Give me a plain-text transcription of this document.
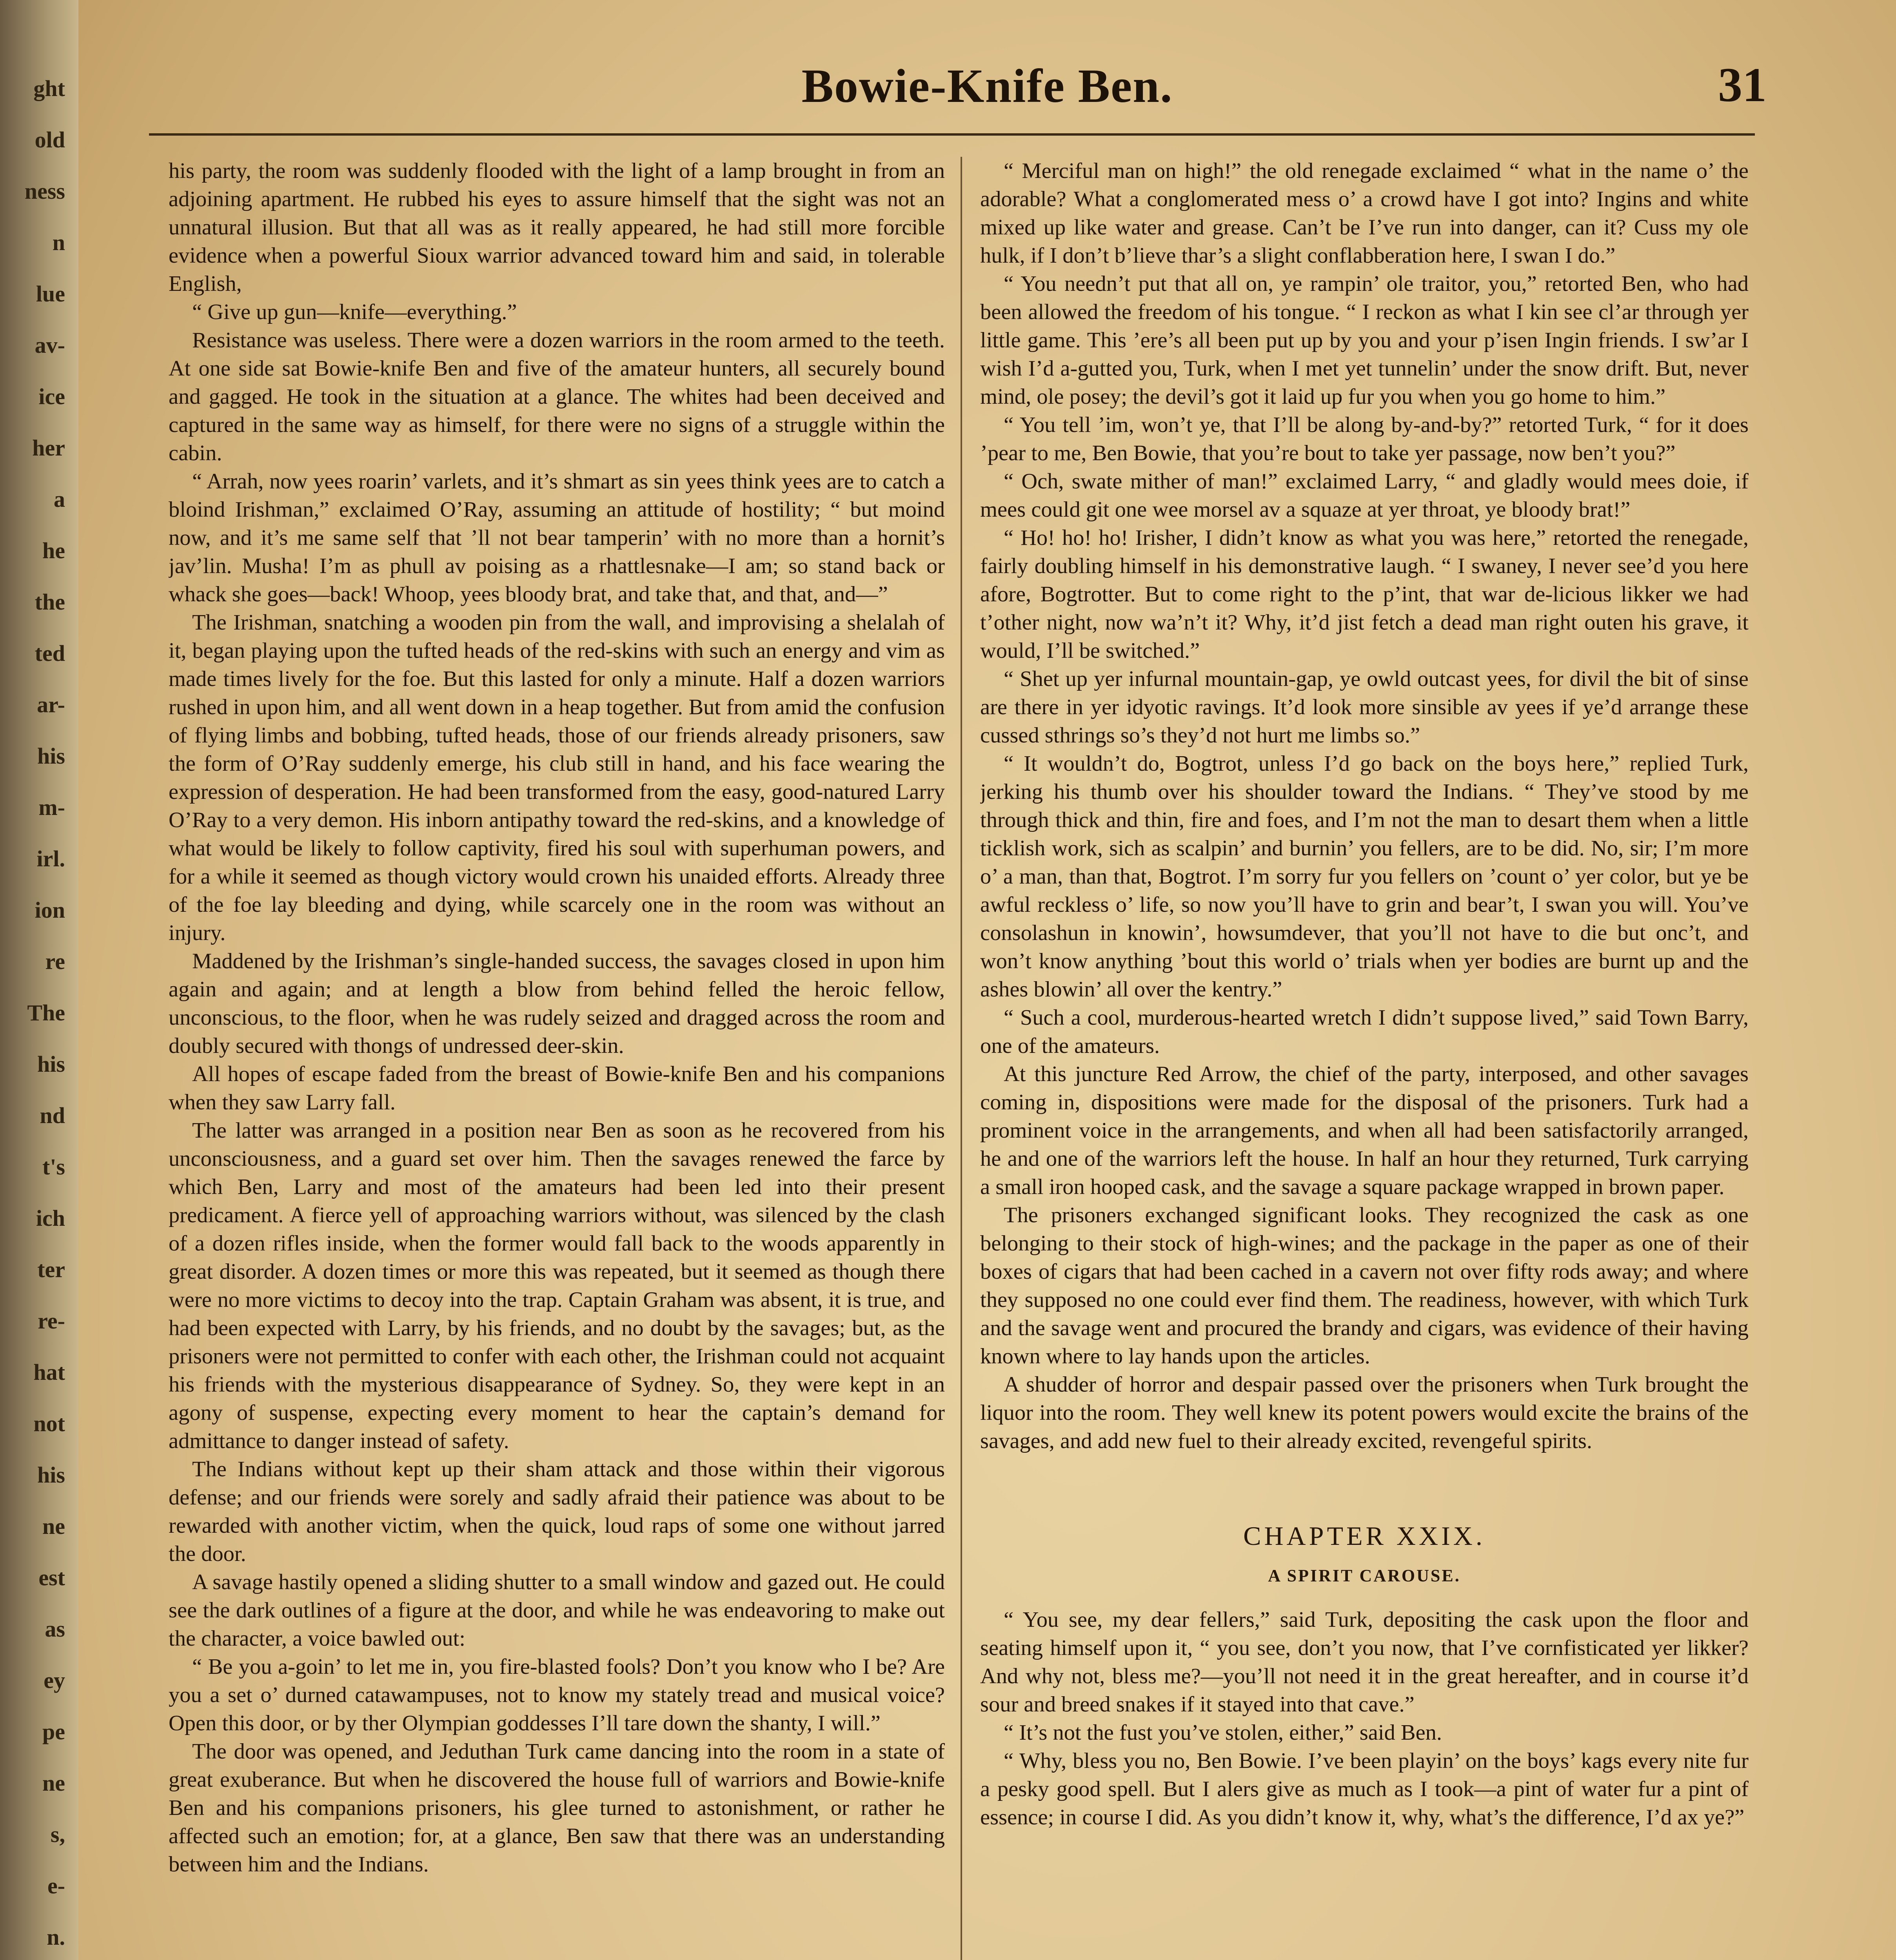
ght
old
ness
n
lue
av-
ice
her
a
he
the
ted
ar-
his
m-
irl.
ion
re
The
his
nd
t's
ich
ter
re-
hat
not
his
ne
est
as
ey
pe
ne
s,
e-
n.
Bowie-Knife Ben.	31

his party, the room was suddenly flooded with the light of a lamp brought in from an adjoining apartment. He rubbed his eyes to assure himself that the sight was not an unnatural illusion. But that all was as it really appeared, he had still more forcible evidence when a powerful Sioux warrior advanced toward him and said, in tolerable English,

“ Give up gun—knife—everything.”

Resistance was useless. There were a dozen warriors in the room armed to the teeth. At one side sat Bowie-knife Ben and five of the amateur hunters, all securely bound and gagged. He took in the situation at a glance. The whites had been deceived and captured in the same way as himself, for there were no signs of a struggle within the cabin.

“ Arrah, now yees roarin’ varlets, and it’s shmart as sin yees think yees are to catch a bloind Irishman,” exclaimed O’Ray, assuming an attitude of hostility; “ but moind now, and it’s me same self that ’ll not bear tamperin’ with no more than a hornit’s jav’lin. Musha! I’m as phull av poising as a rhattlesnake—I am; so stand back or whack she goes—back! Whoop, yees bloody brat, and take that, and that, and—”

The Irishman, snatching a wooden pin from the wall, and improvising a shelalah of it, began playing upon the tufted heads of the red-skins with such an energy and vim as made times lively for the foe. But this lasted for only a minute. Half a dozen warriors rushed in upon him, and all went down in a heap together. But from amid the confusion of flying limbs and bobbing, tufted heads, those of our friends already prisoners, saw the form of O’Ray suddenly emerge, his club still in hand, and his face wearing the expression of desperation. He had been transformed from the easy, good-natured Larry O’Ray to a very demon. His inborn antipathy toward the red-skins, and a knowledge of what would be likely to follow captivity, fired his soul with superhuman powers, and for a while it seemed as though victory would crown his unaided efforts. Already three of the foe lay bleeding and dying, while scarcely one in the room was without an injury.

Maddened by the Irishman’s single-handed success, the savages closed in upon him again and again; and at length a blow from behind felled the heroic fellow, unconscious, to the floor, when he was rudely seized and dragged across the room and doubly secured with thongs of undressed deer-skin.

All hopes of escape faded from the breast of Bowie-knife Ben and his companions when they saw Larry fall.

The latter was arranged in a position near Ben as soon as he recovered from his unconsciousness, and a guard set over him. Then the savages renewed the farce by which Ben, Larry and most of the amateurs had been led into their present predicament. A fierce yell of approaching warriors without, was silenced by the clash of a dozen rifles inside, when the former would fall back to the woods apparently in great disorder. A dozen times or more this was repeated, but it seemed as though there were no more victims to decoy into the trap. Captain Graham was absent, it is true, and had been expected with Larry, by his friends, and no doubt by the savages; but, as the prisoners were not permitted to confer with each other, the Irishman could not acquaint his friends with the mysterious disappearance of Sydney. So, they were kept in an agony of suspense, expecting every moment to hear the captain’s demand for admittance to danger instead of safety.

The Indians without kept up their sham attack and those within their vigorous defense; and our friends were sorely and sadly afraid their patience was about to be rewarded with another victim, when the quick, loud raps of some one without jarred the door.

A savage hastily opened a sliding shutter to a small window and gazed out. He could see the dark outlines of a figure at the door, and while he was endeavoring to make out the character, a voice bawled out:

“ Be you a-goin’ to let me in, you fire-blasted fools? Don’t you know who I be? Are you a set o’ durned catawampuses, not to know my stately tread and musical voice? Open this door, or by ther Olympian goddesses I’ll tare down the shanty, I will.”

The door was opened, and Jeduthan Turk came dancing into the room in a state of great exuberance. But when he discovered the house full of warriors and Bowie-knife Ben and his companions prisoners, his glee turned to astonishment, or rather he affected such an emotion; for, at a glance, Ben saw that there was an understanding between him and the Indians.

“ Merciful man on high!” the old renegade exclaimed “ what in the name o’ the adorable? What a conglomerated mess o’ a crowd have I got into? Ingins and white mixed up like water and grease. Can’t be I’ve run into danger, can it? Cuss my ole hulk, if I don’t b’lieve thar’s a slight conflabberation here, I swan I do.”

“ You needn’t put that all on, ye rampin’ ole traitor, you,” retorted Ben, who had been allowed the freedom of his tongue. “ I reckon as what I kin see cl’ar through yer little game. This ’ere’s all been put up by you and your p’isen Ingin friends. I sw’ar I wish I’d a-gutted you, Turk, when I met yet tunnelin’ under the snow drift. But, never mind, ole posey; the devil’s got it laid up fur you when you go home to him.”

“ You tell ’im, won’t ye, that I’ll be along by-and-by?” retorted Turk, “ for it does ’pear to me, Ben Bowie, that you’re bout to take yer passage, now ben’t you?”

“ Och, swate mither of man!” exclaimed Larry, “ and gladly would mees doie, if mees could git one wee morsel av a squaze at yer throat, ye bloody brat!”

“ Ho! ho! ho! Irisher, I didn’t know as what you was here,” retorted the renegade, fairly doubling himself in his demonstrative laugh. “ I swaney, I never see’d you here afore, Bogtrotter. But to come right to the p’int, that war de-licious likker we had t’other night, now wa’n’t it? Why, it’d jist fetch a dead man right outen his grave, it would, I’ll be switched.”

“ Shet up yer infurnal mountain-gap, ye owld outcast yees, for divil the bit of sinse are there in yer idyotic ravings. It’d look more sinsible av yees if ye’d arrange these cussed sthrings so’s they’d not hurt me limbs so.”

“ It wouldn’t do, Bogtrot, unless I’d go back on the boys here,” replied Turk, jerking his thumb over his shoulder toward the Indians. “ They’ve stood by me through thick and thin, fire and foes, and I’m not the man to desart them when a little ticklish work, sich as scalpin’ and burnin’ you fellers, are to be did. No, sir; I’m more o’ a man, than that, Bogtrot. I’m sorry fur you fellers on ’count o’ yer color, but ye be awful reckless o’ life, so now you’ll have to grin and bear’t, I swan you will. You’ve consolashun in knowin’, howsumdever, that you’ll not have to die but onc’t, and won’t know anything ’bout this world o’ trials when yer bodies are burnt up and the ashes blowin’ all over the kentry.”

“ Such a cool, murderous-hearted wretch I didn’t suppose lived,” said Town Barry, one of the amateurs.

At this juncture Red Arrow, the chief of the party, interposed, and other savages coming in, dispositions were made for the disposal of the prisoners. Turk had a prominent voice in the arrangements, and when all had been satisfactorily arranged, he and one of the warriors left the house. In half an hour they returned, Turk carrying a small iron hooped cask, and the savage a square package wrapped in brown paper.

The prisoners exchanged significant looks. They recognized the cask as one belonging to their stock of high-wines; and the package in the paper as one of their boxes of cigars that had been cached in a cavern not over fifty rods away; and where they supposed no one could ever find them. The readiness, however, with which Turk and the savage went and procured the brandy and cigars, was evidence of their having known where to lay hands upon the articles.

A shudder of horror and despair passed over the prisoners when Turk brought the liquor into the room. They well knew its potent powers would excite the brains of the savages, and add new fuel to their already excited, revengeful spirits.

CHAPTER XXIX.
A SPIRIT CAROUSE.

“ You see, my dear fellers,” said Turk, depositing the cask upon the floor and seating himself upon it, “ you see, don’t you now, that I’ve cornfisticated yer likker? And why not, bless me?—you’ll not need it in the great hereafter, and in course it’d sour and breed snakes if it stayed into that cave.”

“ It’s not the fust you’ve stolen, either,” said Ben.

“ Why, bless you no, Ben Bowie. I’ve been playin’ on the boys’ kags every nite fur a pesky good spell. But I alers give as much as I took—a pint of water fur a pint of essence; in course I did. As you didn’t know it, why, what’s the difference, I’d ax ye?”
